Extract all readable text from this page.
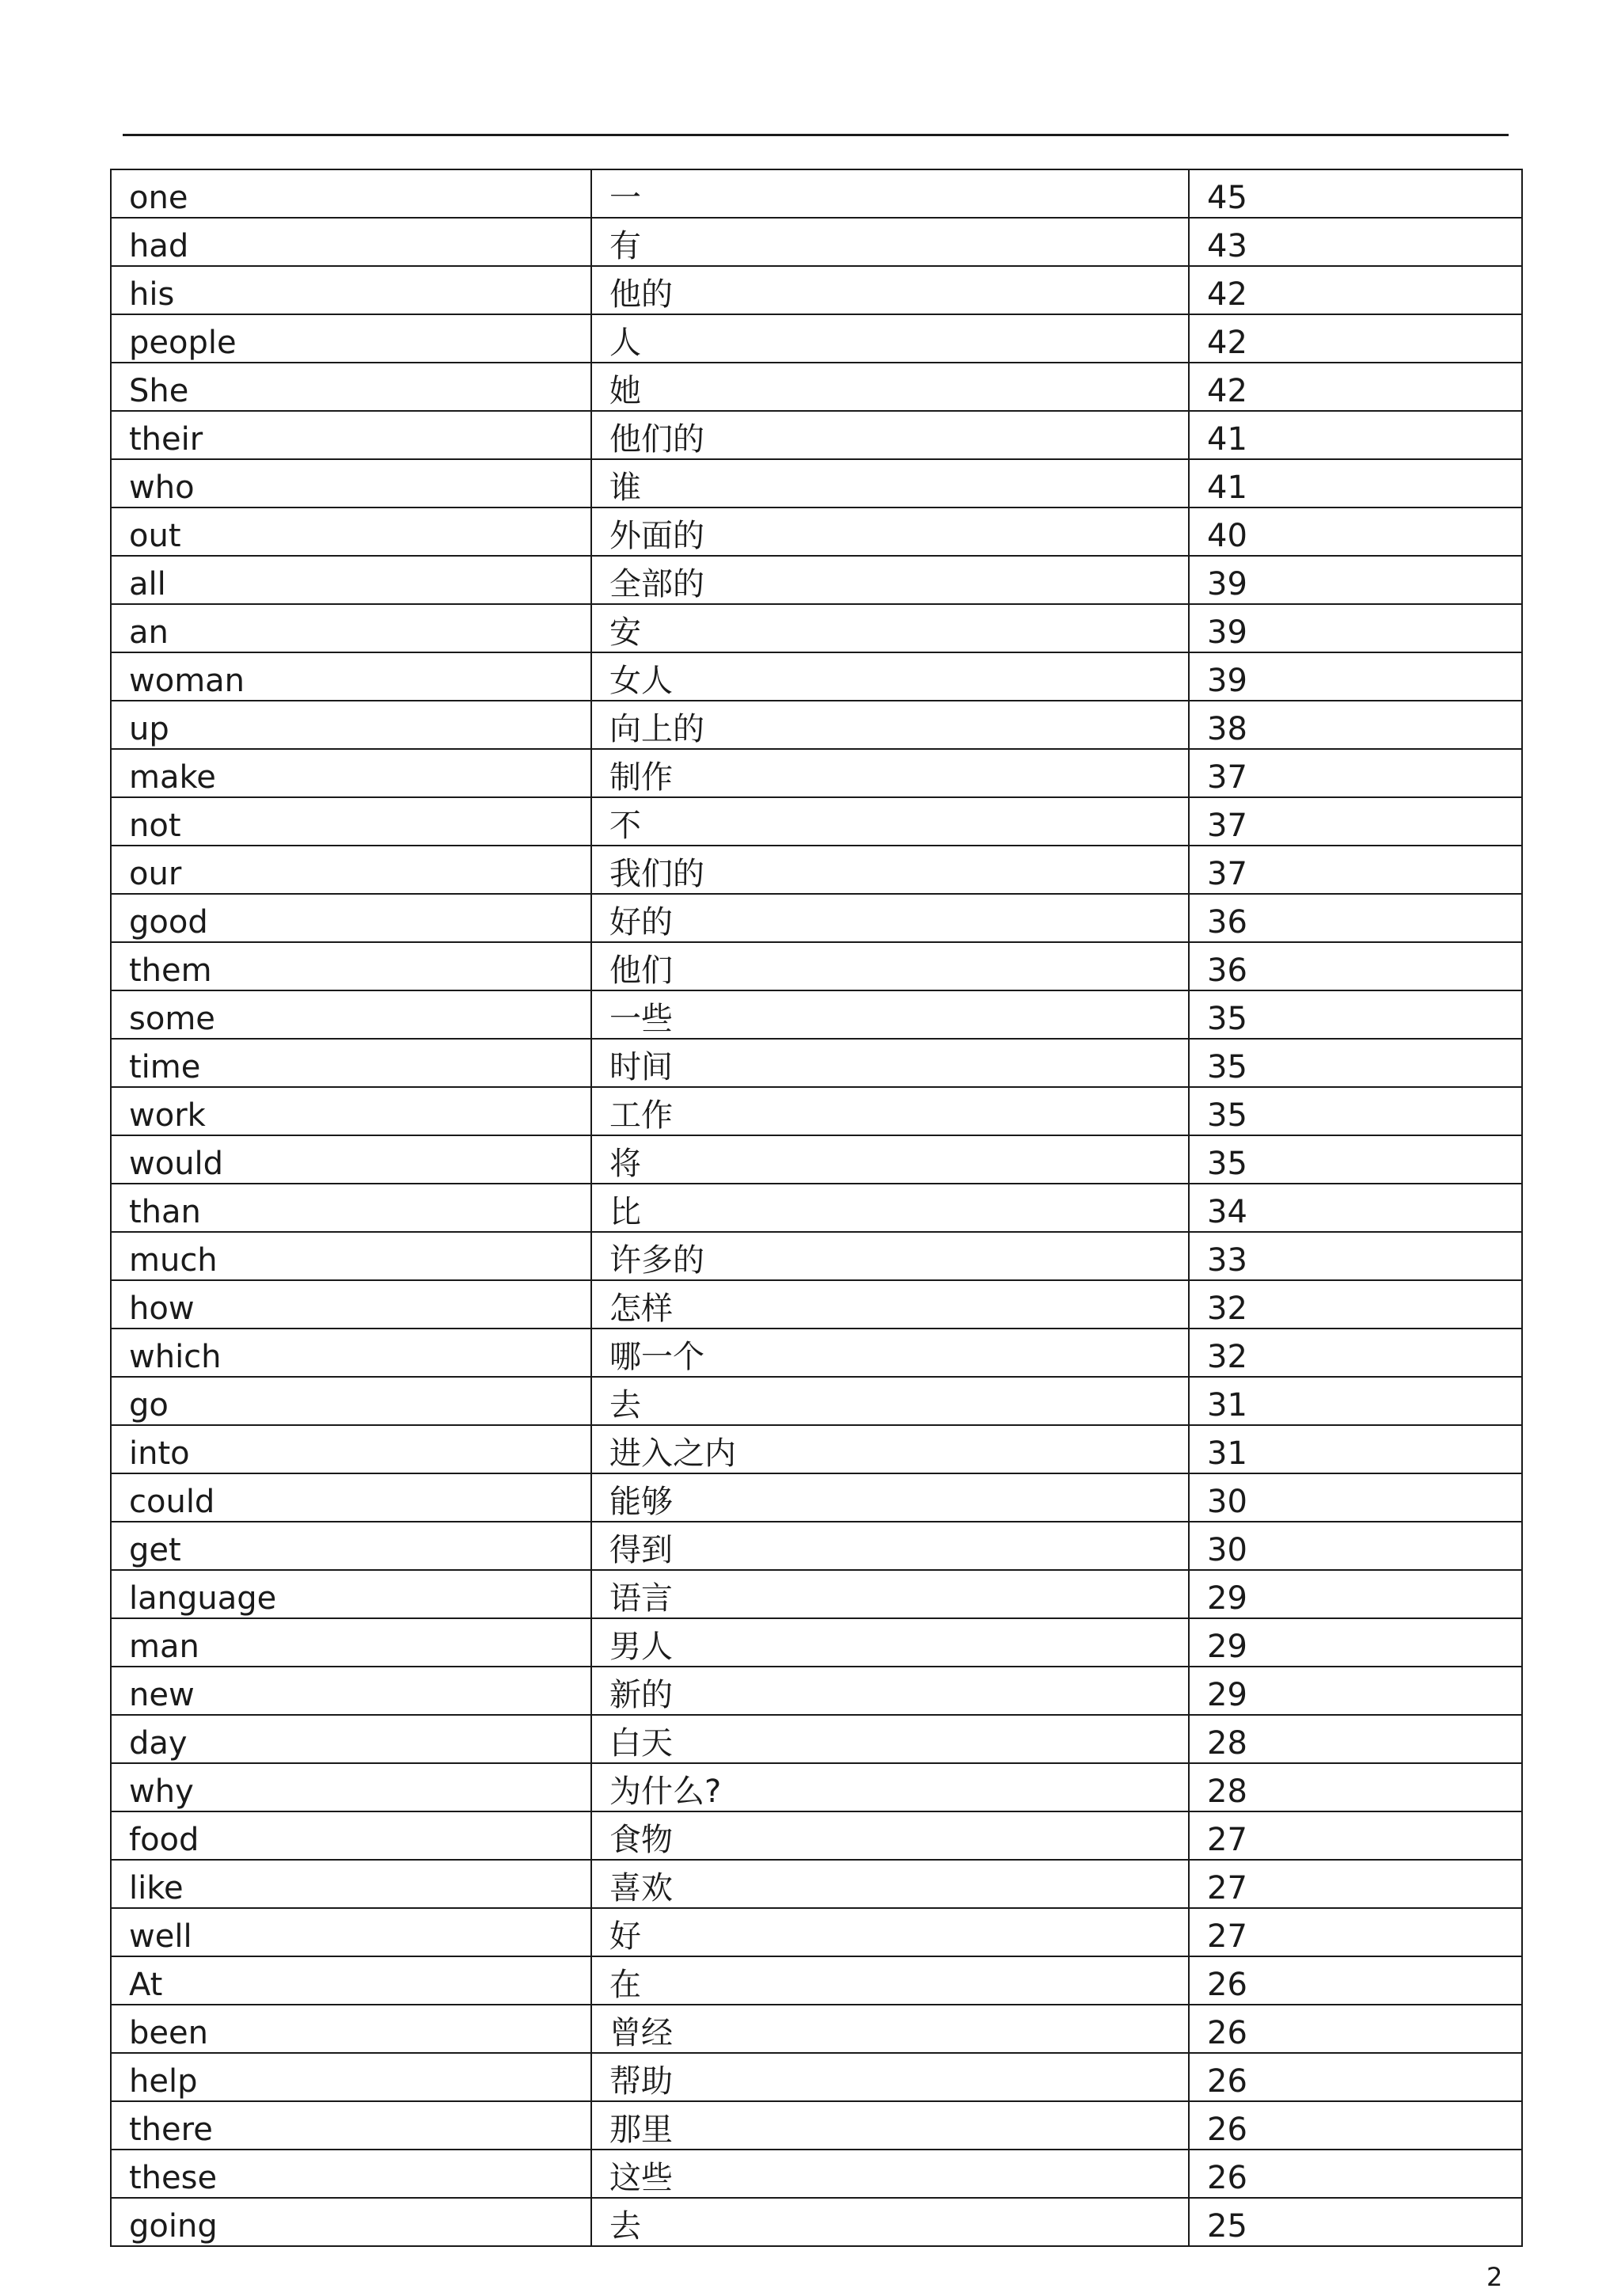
one	一	45
had	有	43
his	他的	42
people	人	42
She	她	42
their	他们的	41
who	谁	41
out	外面的	40
all	全部的	39
an	安	39
woman	女人	39
up	向上的	38
make	制作	37
not	不	37
our	我们的	37
good	好的	36
them	他们	36
some	一些	35
time	时间	35
work	工作	35
would	将	35
than	比	34
much	许多的	33
how	怎样	32
which	哪一个	32
go	去	31
into	进入之内	31
could	能够	30
get	得到	30
language	语言	29
man	男人	29
new	新的	29
day	白天	28
why	为什么?	28
food	食物	27
like	喜欢	27
well	好	27
At	在	26
been	曾经	26
help	帮助	26
there	那里	26
these	这些	26
going	去	25
2
